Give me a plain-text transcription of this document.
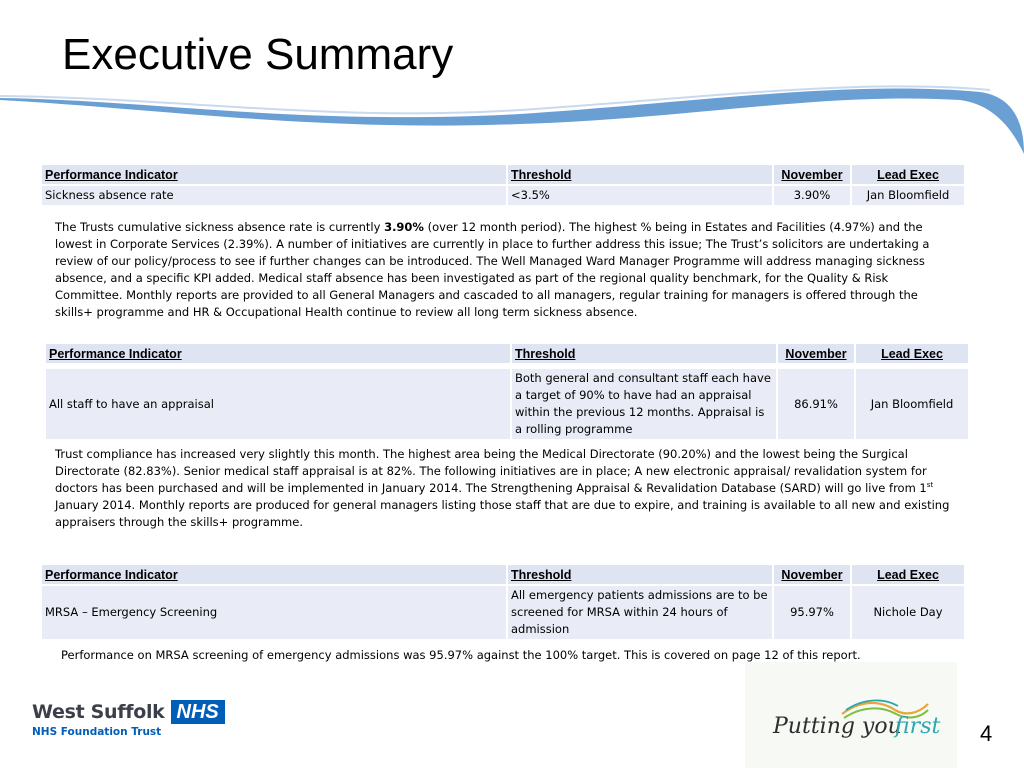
Executive Summary
Performance Indicator	Threshold	November	Lead Exec
Sickness absence rate	<3.5%	3.90%	Jan Bloomfield
The Trusts cumulative sickness absence rate is currently 3.90% (over 12 month period). The highest % being in Estates and Facilities (4.97%) and the lowest in Corporate Services (2.39%). A number of initiatives are currently in place to further address this issue; The Trust’s solicitors are undertaking a review of our policy/process to see if further changes can be introduced. The Well Managed Ward Manager Programme will address managing sickness absence, and a specific KPI added. Medical staff absence has been investigated as part of the regional quality benchmark, for the Quality & Risk Committee. Monthly reports are provided to all General Managers and cascaded to all managers, regular training for managers is offered through the skills+ programme and HR & Occupational Health continue to review all long term sickness absence.
Performance Indicator	Threshold	November	Lead Exec
All staff to have an appraisal	Both general and consultant staff each have a target of 90% to have had an appraisal within the previous 12 months. Appraisal is a rolling programme	86.91%	Jan Bloomfield
Trust compliance has increased very slightly this month. The highest area being the Medical Directorate (90.20%) and the lowest being the Surgical Directorate (82.83%). Senior medical staff appraisal is at 82%. The following initiatives are in place; A new electronic appraisal/ revalidation system for doctors has been purchased and will be implemented in January 2014. The Strengthening Appraisal & Revalidation Database (SARD) will go live from 1st January 2014. Monthly reports are produced for general managers listing those staff that are due to expire, and training is available to all new and existing appraisers through the skills+ programme.
Performance Indicator	Threshold	November	Lead Exec
MRSA – Emergency Screening	All emergency patients admissions are to be screened for MRSA within 24 hours of admission	95.97%	Nichole Day
Performance on MRSA screening of emergency admissions was 95.97% against the 100% target. This is covered on page 12 of this report.
West Suffolk NHS
NHS Foundation Trust	Putting you
first 4
